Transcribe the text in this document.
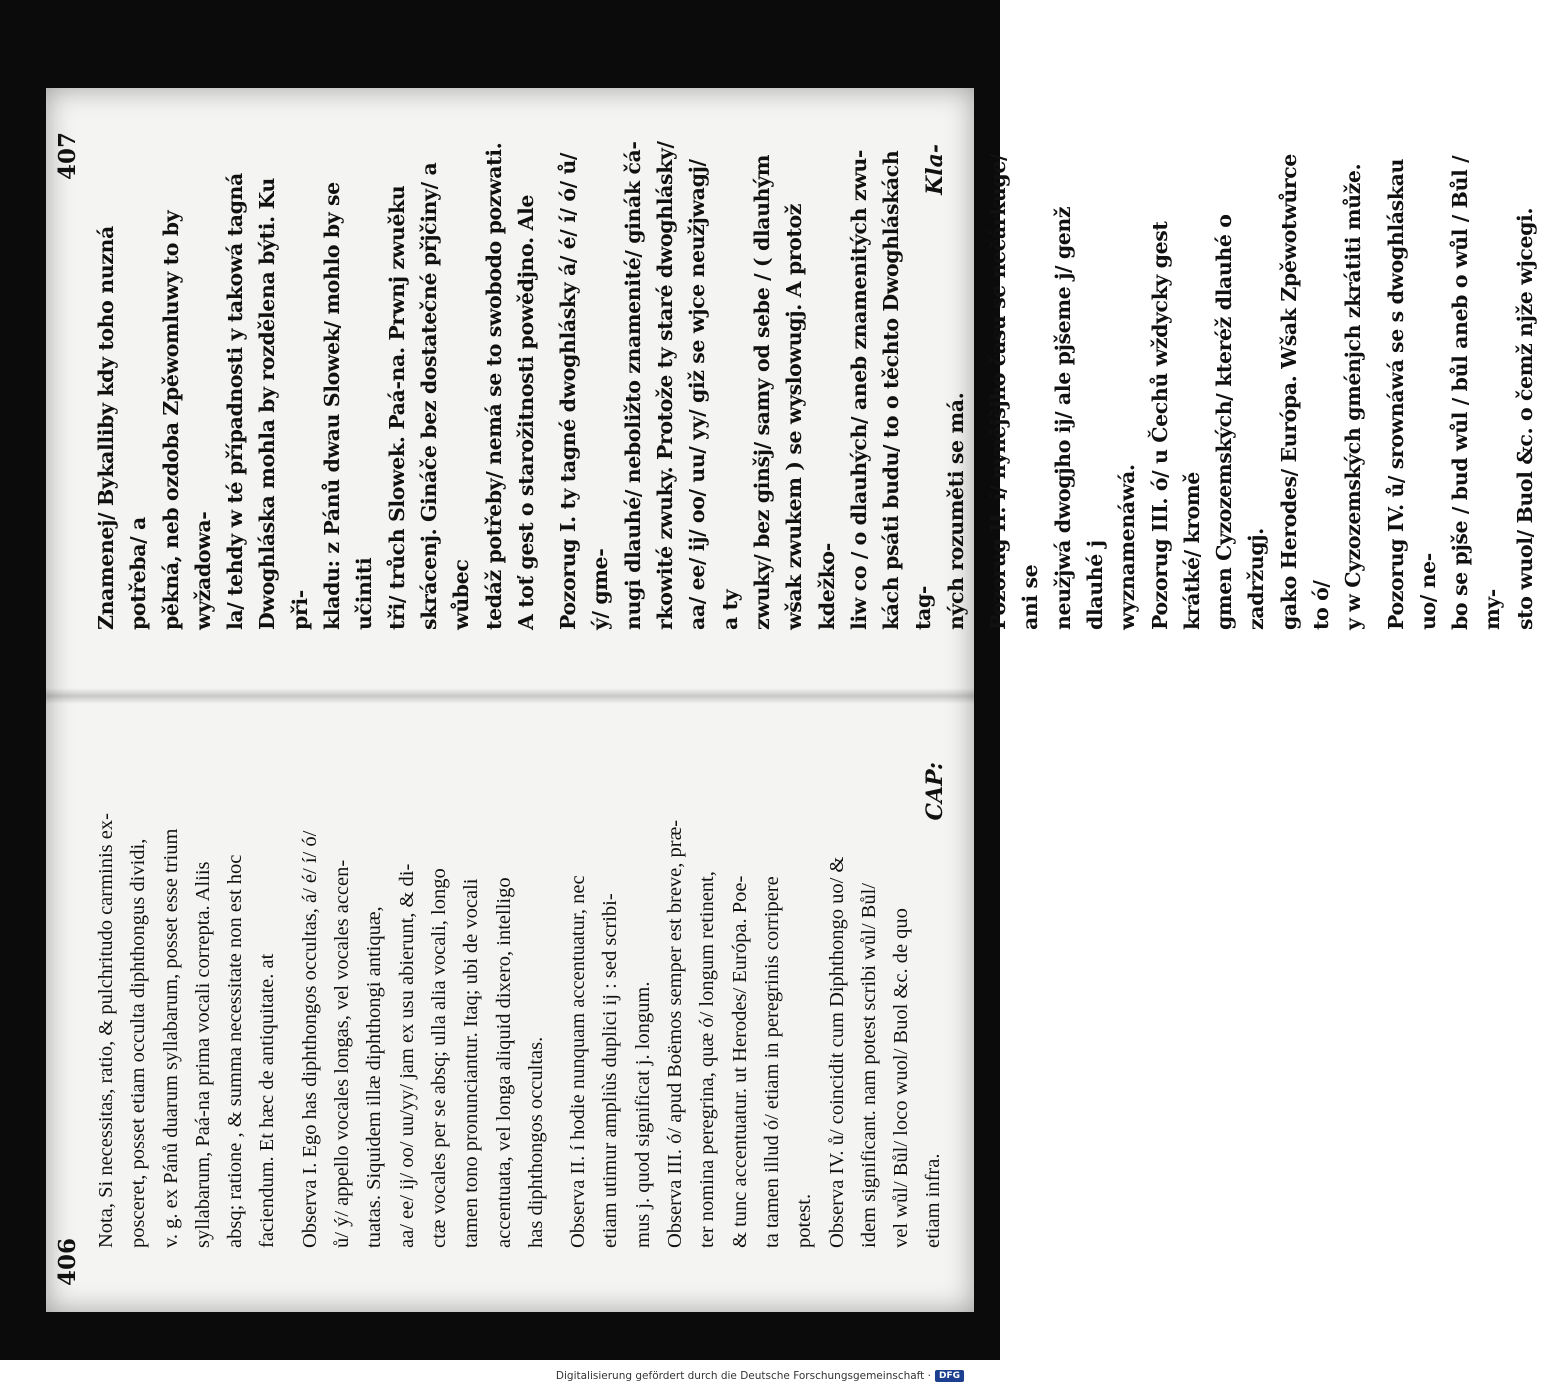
406

Nota, Si necessitas, ratio, & pulchritudo carminis ex- posceret, posset etiam occulta diphthongus dividi, v. g. ex Pánů duarum syllabarum, posset esse trium syllabarum, Paá-na prima vocali correpta. Aliis absq; ratione , & summa necessitate non est hoc faciendum. Et hæc de antiquitate. at

Observa I. Ego has diphthongos occultas, á/ é/ í/ ó/ ů/ ý/ appello vocales longas, vel vocales accen- tuatas. Siquidem illæ diphthongi antiquæ, aa/ ee/ ij/ oo/ uu/yy/ jam ex usu abierunt, & di- ctæ vocales per se absq; ulla alia vocali, longo tamen tono pronunciantur. Itaq; ubi de vocali accentuata, vel longa aliquid dixero, intelligo has diphthongos occultas.

Observa II. í hodie nunquam accentuatur, nec etiam utimur ampliùs duplici ij : sed scribi- mus j. quod significat j. longum. Observa III. ó/ apud Boëmos semper est breve, præ- ter nomina peregrina, quæ ó/ longum retinent, & tunc accentuatur. ut Herodes/ Európa. Poe- ta tamen illud ó/ etiam in peregrinis corripere potest. Observa IV. ů/ coincidit cum Diphthongo uo/ & idem significant. nam potest scribi wůl/ Bůl/ vel wůl/ Bůl/ loco wuol/ Buol &c. de quo etiam infra.

CAP:
407

Znamenej/ Bykalliby kdy toho nuzná potřeba/ a pěkná, neb ozdoba Zpěwomluwy to by wyžadowa- la/ tehdy w té případnosti y takowá tagná Dwoghláska mohla by rozdělena býti. Ku při- kladu: z Pánů dwau Slowek/ mohlo by se učiniti tři/ trůch Slowek. Paá-na. Prwnj zwuěku skrácenj. Gináče bez dostatečné přjčiny/ a wůbec tedáž potřeby/ nemá se to swobodo pozwati. A toť gest o starožitnosti powědjno. Ale

Pozorug I. ty tagné dwoghlásky á/ é/ í/ ó/ ů/ ý/ gme- nugi dlauhé/ neboližto znamenité/ ginák čá- rkowité zwuky. Protože ty staré dwoghlásky/ aa/ ee/ ij/ oo/ uu/ yy/ giž se wjce neužjwagj/ a ty zwuky/ bez ginšj/ samy od sebe / ( dlauhým wšak zwukem ) se wyslowugj. A protož kdežko- liw co / o dlauhých/ aneb znamenitých zwu- kách psáti budu/ to o těchto Dwoghláskách tag- ných rozuměti se má.

Pozorug II. í/ nynějšjho času se nečárkuge/ ani se neužjwá dwogjho ij/ ale pjšeme j/ genž dlauhé j wyznamenáwá. Pozorug III. ó/ u Čechů wždycky gest krátké/ kromě gmen Cyzozemských/ kteréž dlauhé o zadržugj. gako Herodes/ Európa. Wšak Zpěwotwůrce to ó/ y w Cyzozemských gménjch zkrátiti může.

Pozorug IV. ů/ srownáwá se s dwoghláskau uo/ ne- bo se pjše / bud wůl / bůl aneb o wůl / Bůl / my- sto wuol/ Buol &c. o čemž njže wjcegi.

Kla-
Digitalisierung gefördert durch die Deutsche Forschungsgemeinschaft · DFG
